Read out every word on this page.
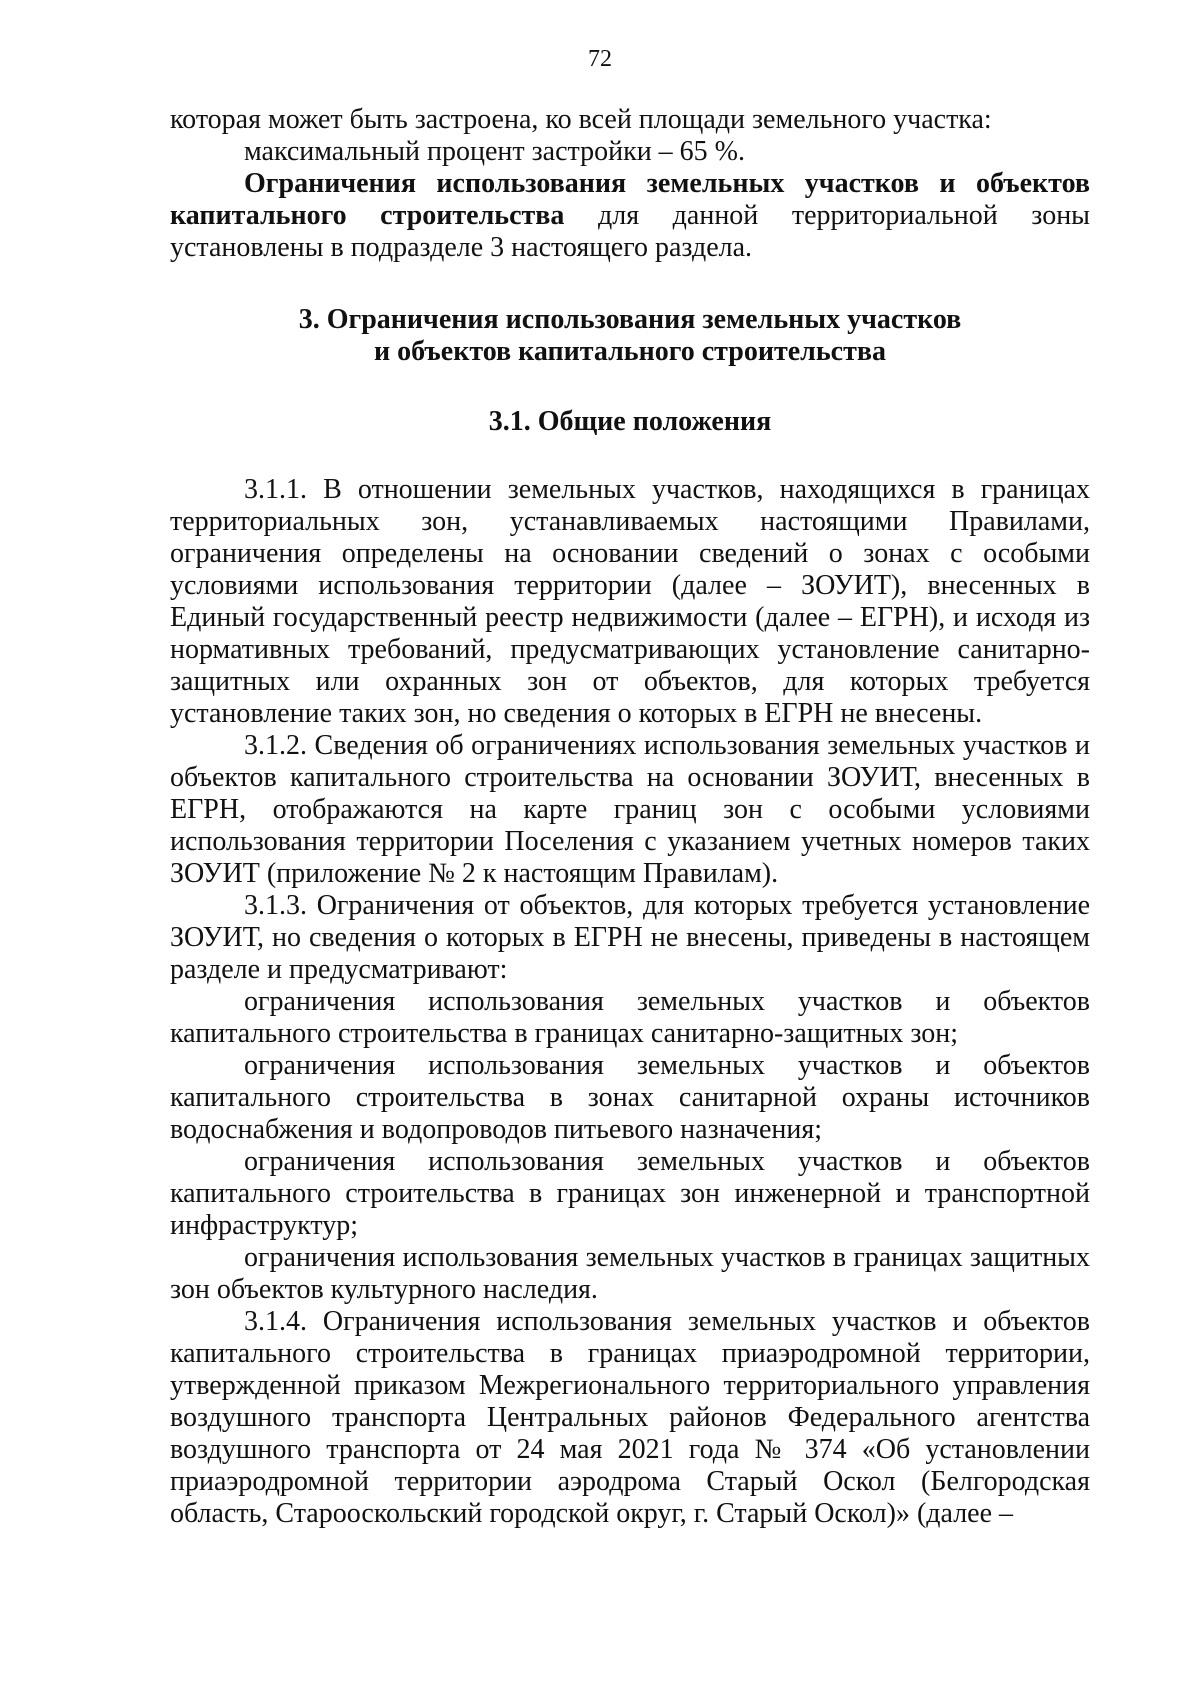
72

которая может быть застроена, ко всей площади земельного участка:

максимальный процент застройки – 65 %.

Ограничения использования земельных участков и объектов капитального строительства для данной территориальной зоны установлены в подразделе 3 настоящего раздела.

3. Ограничения использования земельных участков
и объектов капитального строительства
3.1. Общие положения

3.1.1. В отношении земельных участков, находящихся в границах территориальных зон, устанавливаемых настоящими Правилами, ограничения определены на основании сведений о зонах с особыми условиями использования территории (далее – ЗОУИТ), внесенных в Единый государственный реестр недвижимости (далее – ЕГРН), и исходя из нормативных требований, предусматривающих установление санитарно-защитных или охранных зон от объектов, для которых требуется установление таких зон, но сведения о которых в ЕГРН не внесены.

3.1.2. Сведения об ограничениях использования земельных участков и объектов капитального строительства на основании ЗОУИТ, внесенных в ЕГРН, отображаются на карте границ зон с особыми условиями использования территории Поселения с указанием учетных номеров таких ЗОУИТ (приложение № 2 к настоящим Правилам).

3.1.3. Ограничения от объектов, для которых требуется установление ЗОУИТ, но сведения о которых в ЕГРН не внесены, приведены в настоящем разделе и предусматривают:

ограничения использования земельных участков и объектов капитального строительства в границах санитарно-защитных зон;

ограничения использования земельных участков и объектов капитального строительства в зонах санитарной охраны источников водоснабжения и водопроводов питьевого назначения;

ограничения использования земельных участков и объектов капитального строительства в границах зон инженерной и транспортной инфраструктур;

ограничения использования земельных участков в границах защитных зон объектов культурного наследия.

3.1.4. Ограничения использования земельных участков и объектов капитального строительства в границах приаэродромной территории, утвержденной приказом Межрегионального территориального управления воздушного транспорта Центральных районов Федерального агентства воздушного транспорта от 24 мая 2021 года № 374 «Об установлении приаэродромной территории аэродрома Старый Оскол (Белгородская область, Старооскольский городской округ, г. Старый Оскол)» (далее –
